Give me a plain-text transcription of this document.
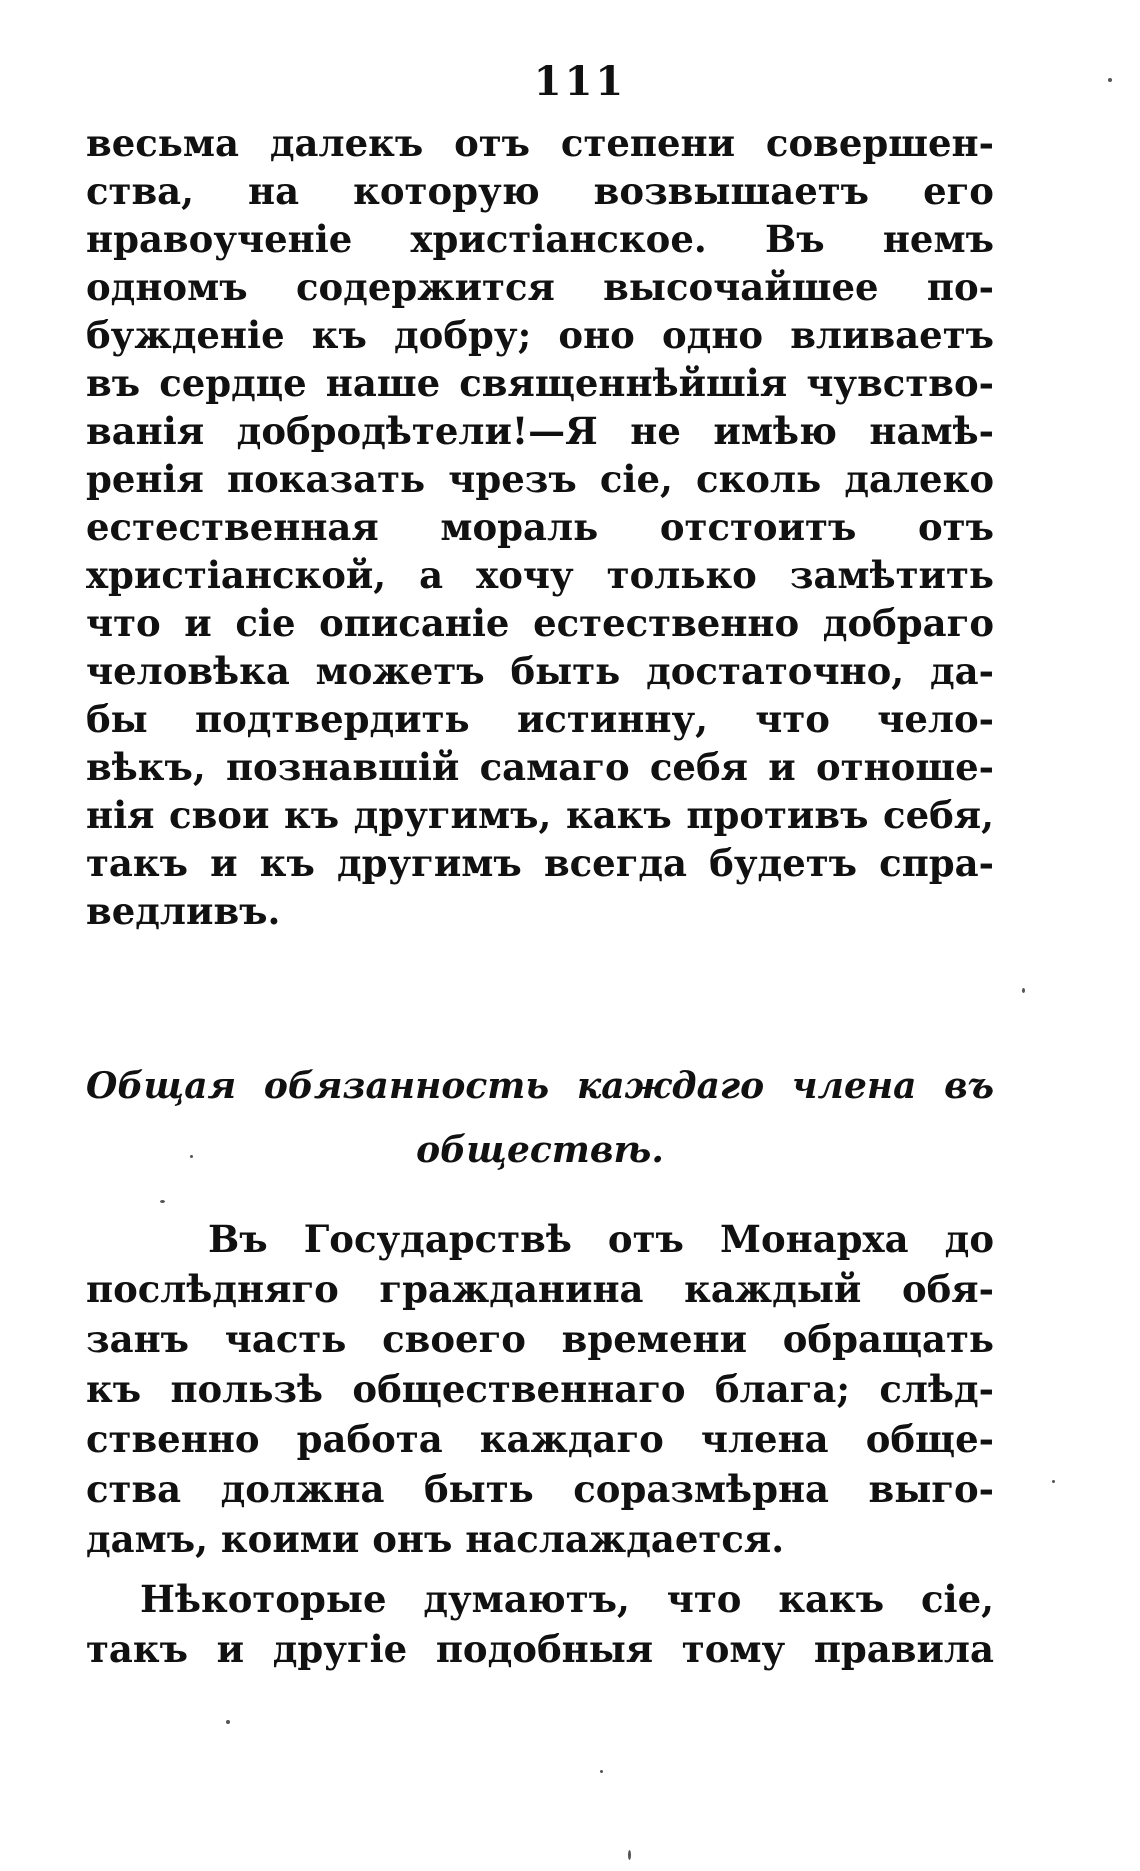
111
весьма далекъ отъ степени совершен-
ства, на которую возвышаетъ его
нравоученіе христіанское. Въ немъ
одномъ содержится высочайшее по-
бужденіе къ добру; оно одно вливаетъ
въ сердце наше священнѣйшія чувство-
ванія добродѣтели!—Я не имѣю намѣ-
ренія показать чрезъ сіе, сколь далеко
естественная мораль отстоитъ отъ
христіанской, а хочу только замѣтить
что и сіе описаніе естественно добраго
человѣка можетъ быть достаточно, да-
бы подтвердить истинну, что чело-
вѣкъ, познавшій самаго себя и отноше-
нія свои къ другимъ, какъ противъ себя,
такъ и къ другимъ всегда будетъ спра-
ведливъ.
Общая обязанность каждаго члена въ
обществѣ.
Въ Государствѣ отъ Монарха до
послѣдняго гражданина каждый обя-
занъ часть своего времени обращать
къ пользѣ общественнаго блага; слѣд-
ственно работа каждаго члена обще-
ства должна быть соразмѣрна выго-
дамъ, коими онъ наслаждается.
Нѣкоторые думаютъ, что какъ сіе,
такъ и другіе подобныя тому правила
